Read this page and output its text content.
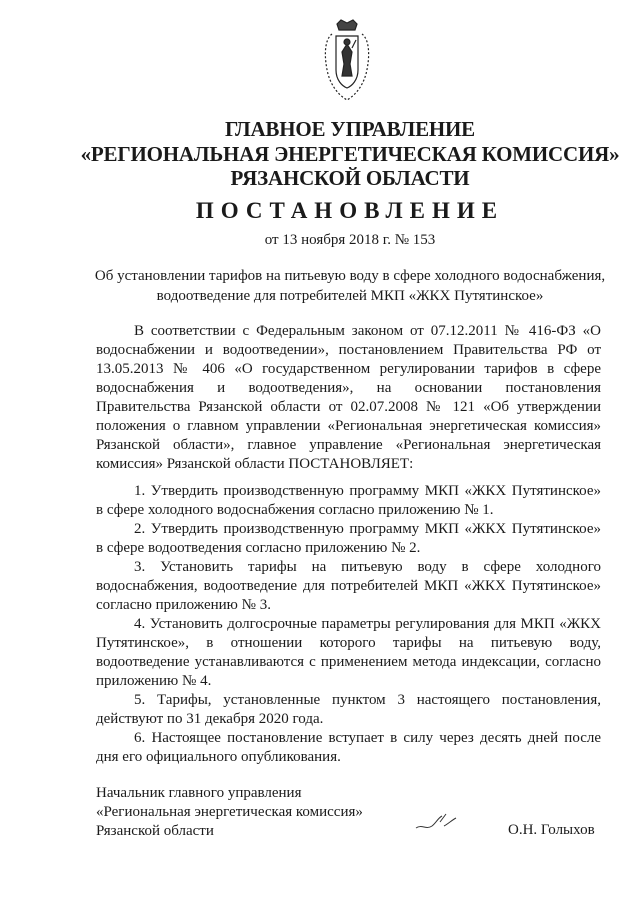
ГЛАВНОЕ УПРАВЛЕНИЕ
«РЕГИОНАЛЬНАЯ ЭНЕРГЕТИЧЕСКАЯ КОМИССИЯ»
РЯЗАНСКОЙ ОБЛАСТИ
ПОСТАНОВЛЕНИЕ
от 13 ноября 2018 г. № 153
Об установлении тарифов на питьевую воду в сфере холодного водоснабжения,
водоотведение для потребителей МКП «ЖКХ Путятинское»

В соответствии с Федеральным законом от 07.12.2011 № 416-ФЗ «О водоснабжении и водоотведении», постановлением Правительства РФ от 13.05.2013 № 406 «О государственном регулировании тарифов в сфере водоснабжения и водоотведения», на основании постановления Правительства Рязанской области от 02.07.2008 № 121 «Об утверждении положения о главном управлении «Региональная энергетическая комиссия» Рязанской области», главное управление «Региональная энергетическая комиссия» Рязанской области ПОСТАНОВЛЯЕТ:

1. Утвердить производственную программу МКП «ЖКХ Путятинское» в сфере холодного водоснабжения согласно приложению № 1.

2. Утвердить производственную программу МКП «ЖКХ Путятинское» в сфере водоотведения согласно приложению № 2.

3. Установить тарифы на питьевую воду в сфере холодного водоснабжения, водоотведение для потребителей МКП «ЖКХ Путятинское» согласно приложению № 3.

4. Установить долгосрочные параметры регулирования для МКП «ЖКХ Путятинское», в отношении которого тарифы на питьевую воду, водоотведение устанавливаются с применением метода индексации, согласно приложению № 4.

5. Тарифы, установленные пунктом 3 настоящего постановления, действуют по 31 декабря 2020 года.

6. Настоящее постановление вступает в силу через десять дней после дня его официального опубликования.

Начальник главного управления
«Региональная энергетическая комиссия»
Рязанской области	О.Н. Голыхов
